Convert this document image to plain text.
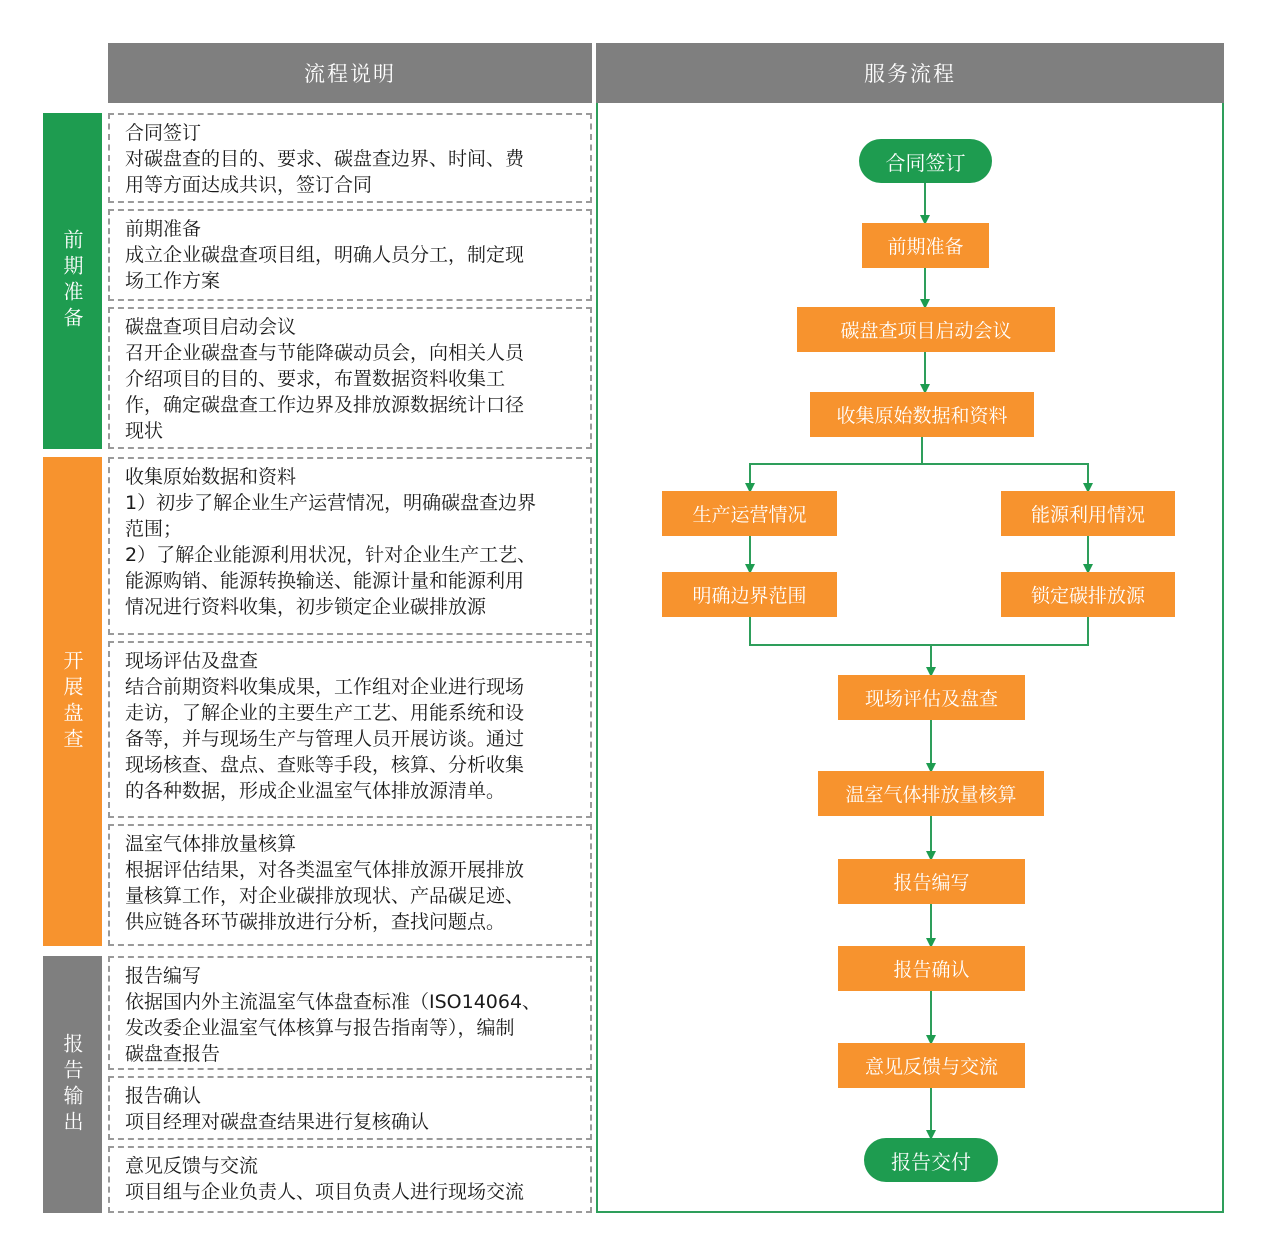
流程说明	服务流程
前期准备
开展盘查
报告输出
合同签订
对碳盘查的目的、要求、碳盘查边界、时间、费
用等方面达成共识，签订合同
前期准备
成立企业碳盘查项目组，明确人员分工，制定现
场工作方案
碳盘查项目启动会议
召开企业碳盘查与节能降碳动员会，向相关人员
介绍项目的目的、要求，布置数据资料收集工
作，确定碳盘查工作边界及排放源数据统计口径
现状
收集原始数据和资料
1）初步了解企业生产运营情况，明确碳盘查边界
范围；
2）了解企业能源利用状况，针对企业生产工艺、
能源购销、能源转换输送、能源计量和能源利用
情况进行资料收集，初步锁定企业碳排放源
现场评估及盘查
结合前期资料收集成果，工作组对企业进行现场
走访，了解企业的主要生产工艺、用能系统和设
备等，并与现场生产与管理人员开展访谈。通过
现场核查、盘点、查账等手段，核算、分析收集
的各种数据，形成企业温室气体排放源清单。
温室气体排放量核算
根据评估结果，对各类温室气体排放源开展排放
量核算工作，对企业碳排放现状、产品碳足迹、
供应链各环节碳排放进行分析，查找问题点。
报告编写
依据国内外主流温室气体盘查标准（ISO14064、
发改委企业温室气体核算与报告指南等），编制
碳盘查报告
报告确认
项目经理对碳盘查结果进行复核确认
意见反馈与交流
项目组与企业负责人、项目负责人进行现场交流
合同签订
前期准备
碳盘查项目启动会议
收集原始数据和资料
生产运营情况
明确边界范围
能源利用情况
锁定碳排放源
现场评估及盘查
温室气体排放量核算
报告编写
报告确认
意见反馈与交流
报告交付
